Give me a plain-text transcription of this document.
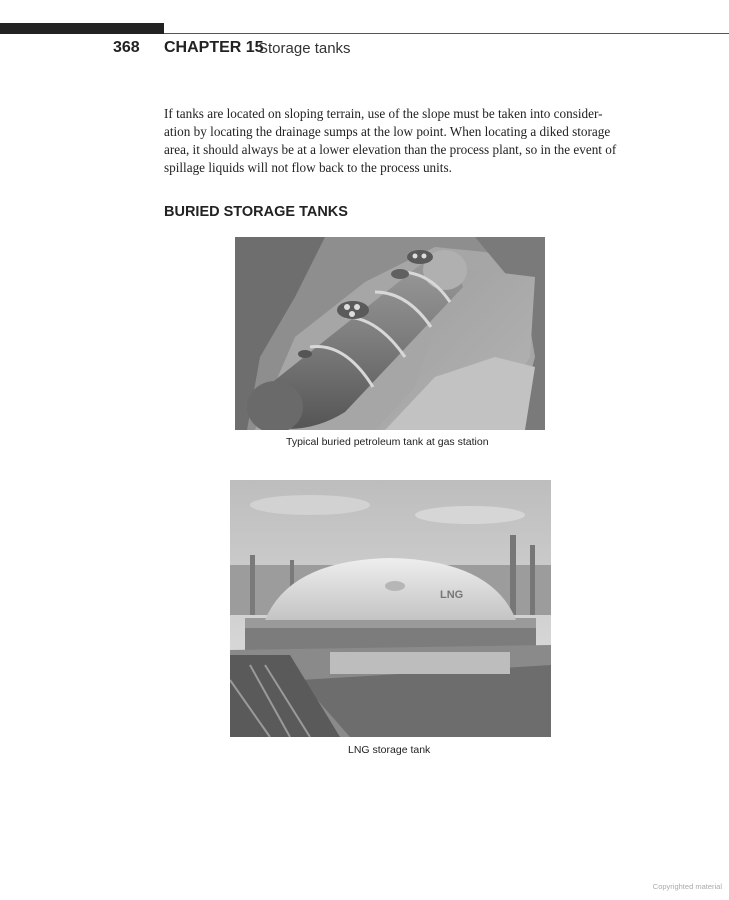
368 CHAPTER 15
Storage tanks
If tanks are located on sloping terrain, use of the slope must be taken into consider-
ation by locating the drainage sumps at the low point. When locating a diked storage
area, it should always be at a lower elevation than the process plant, so in the event of
spillage liquids will not flow back to the process units.
BURIED STORAGE TANKS
Typical buried petroleum tank at gas station
LNG
LNG storage tank
Copyrighted material
